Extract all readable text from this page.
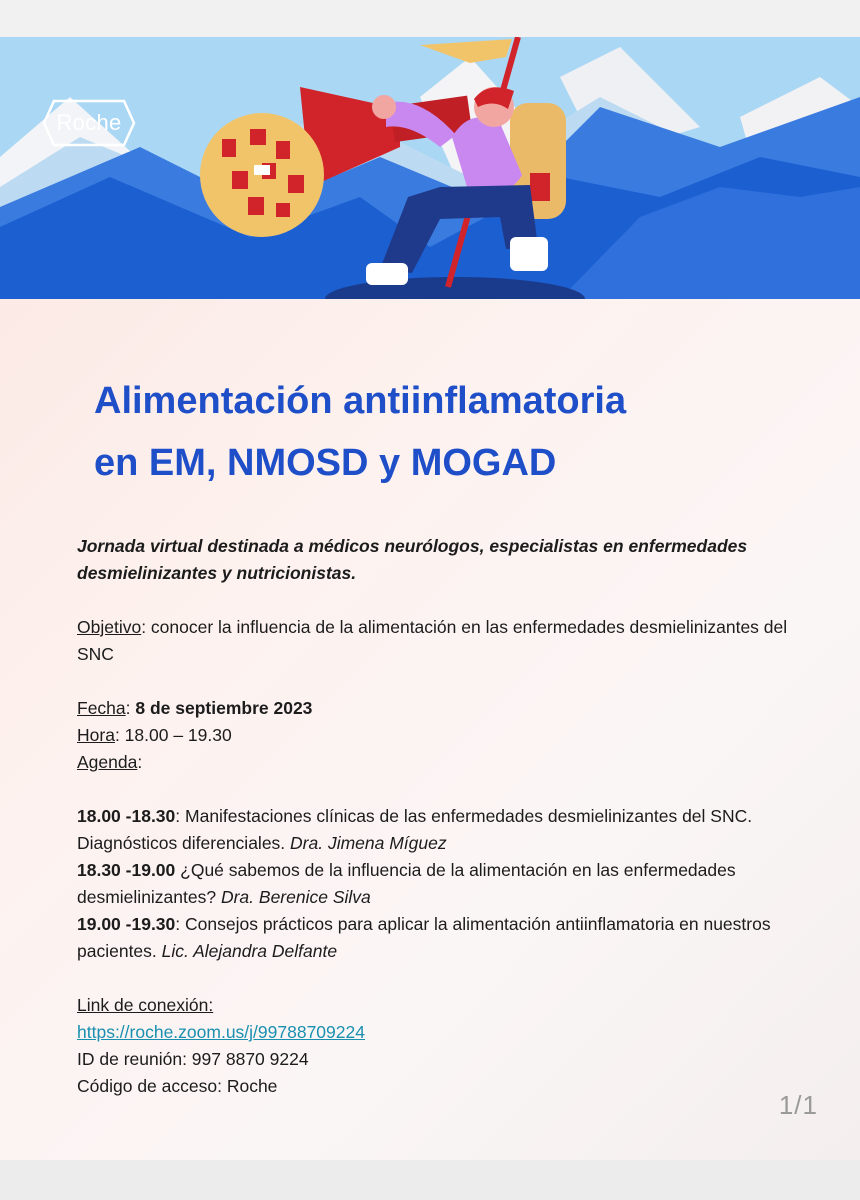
Roche
Alimentación antiinflamatoria
en EM, NMOSD y MOGAD

Jornada virtual destinada a médicos neurólogos, especialistas en enfermedades desmielinizantes y nutricionistas.

Objetivo: conocer la influencia de la alimentación en las enfermedades desmielinizantes del SNC

Fecha: 8 de septiembre 2023

Hora: 18.00 – 19.30

Agenda:

18.00 -18.30: Manifestaciones clínicas de las enfermedades desmielinizantes del SNC. Diagnósticos diferenciales. Dra. Jimena Míguez

18.30 -19.00 ¿Qué sabemos de la influencia de la alimentación en las enfermedades desmielinizantes? Dra. Berenice Silva

19.00 -19.30: Consejos prácticos para aplicar la alimentación antiinflamatoria en nuestros pacientes. Lic. Alejandra Delfante

Link de conexión:

https://roche.zoom.us/j/99788709224

ID de reunión: 997 8870 9224

Código de acceso: Roche

1/1
